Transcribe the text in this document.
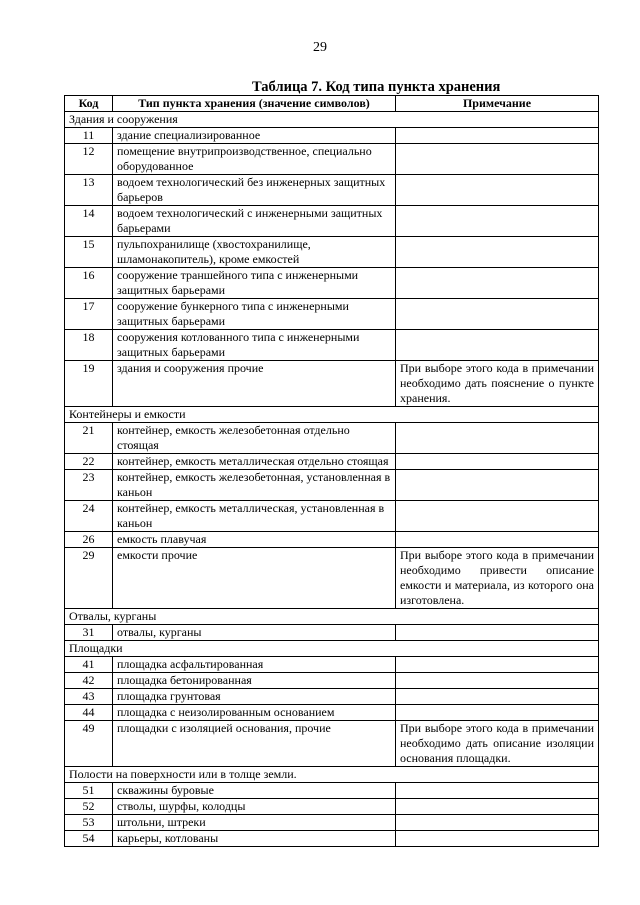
29
Таблица 7. Код типа пункта хранения
Код	Тип пункта хранения (значение символов)	Примечание
Здания и сооружения		
11	здание специализированное	
12	помещение внутрипроизводственное, специально оборудованное	
13	водоем технологический без инженерных защитных барьеров	
14	водоем технологический с инженерными защитных барьерами	
15	пульпохранилище (хвостохранилище, шламонакопитель), кроме емкостей	
16	сооружение траншейного типа с инженерными защитных барьерами	
17	сооружение бункерного типа с инженерными защитных барьерами	
18	сооружения котлованного типа с инженерными защитных барьерами	
19	здания и сооружения прочие	При выборе этого кода в примечании необходимо дать пояснение о пункте хранения.
Контейнеры и емкости		
21	контейнер, емкость железобетонная отдельно стоящая	
22	контейнер, емкость металлическая отдельно стоящая	
23	контейнер, емкость железобетонная, установленная в каньон	
24	контейнер, емкость металлическая, установленная в каньон	
26	емкость плавучая	
29	емкости прочие	При выборе этого кода в примечании необходимо привести описание емкости и материала, из которого она изготовлена.
Отвалы, курганы		
31	отвалы, курганы	
Площадки		
41	площадка асфальтированная	
42	площадка бетонированная	
43	площадка грунтовая	
44	площадка с неизолированным основанием	
49	площадки с изоляцией основания, прочие	При выборе этого кода в примечании необходимо дать описание изоляции основания площадки.
Полости на поверхности или в толще земли.		
51	скважины буровые	
52	стволы, шурфы, колодцы	
53	штольни, штреки	
54	карьеры, котлованы	
